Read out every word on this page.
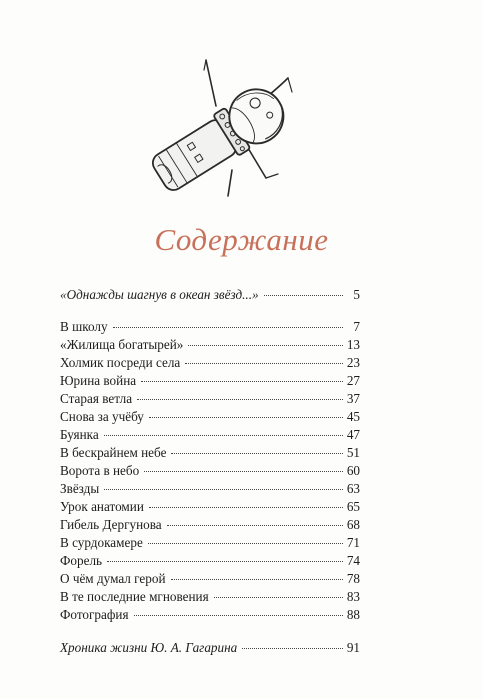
Содержание
«Однажды шагнув в океан звёзд...»	5
В школу	7
«Жилища богатырей»	13
Холмик посреди села	23
Юрина война	27
Старая ветла	37
Снова за учёбу	45
Буянка	47
В бескрайнем небе	51
Ворота в небо	60
Звёзды	63
Урок анатомии	65
Гибель Дергунова	68
В сурдокамере	71
Форель	74
О чём думал герой	78
В те последние мгновения	83
Фотография	88
Хроника жизни Ю. А. Гагарина	91
